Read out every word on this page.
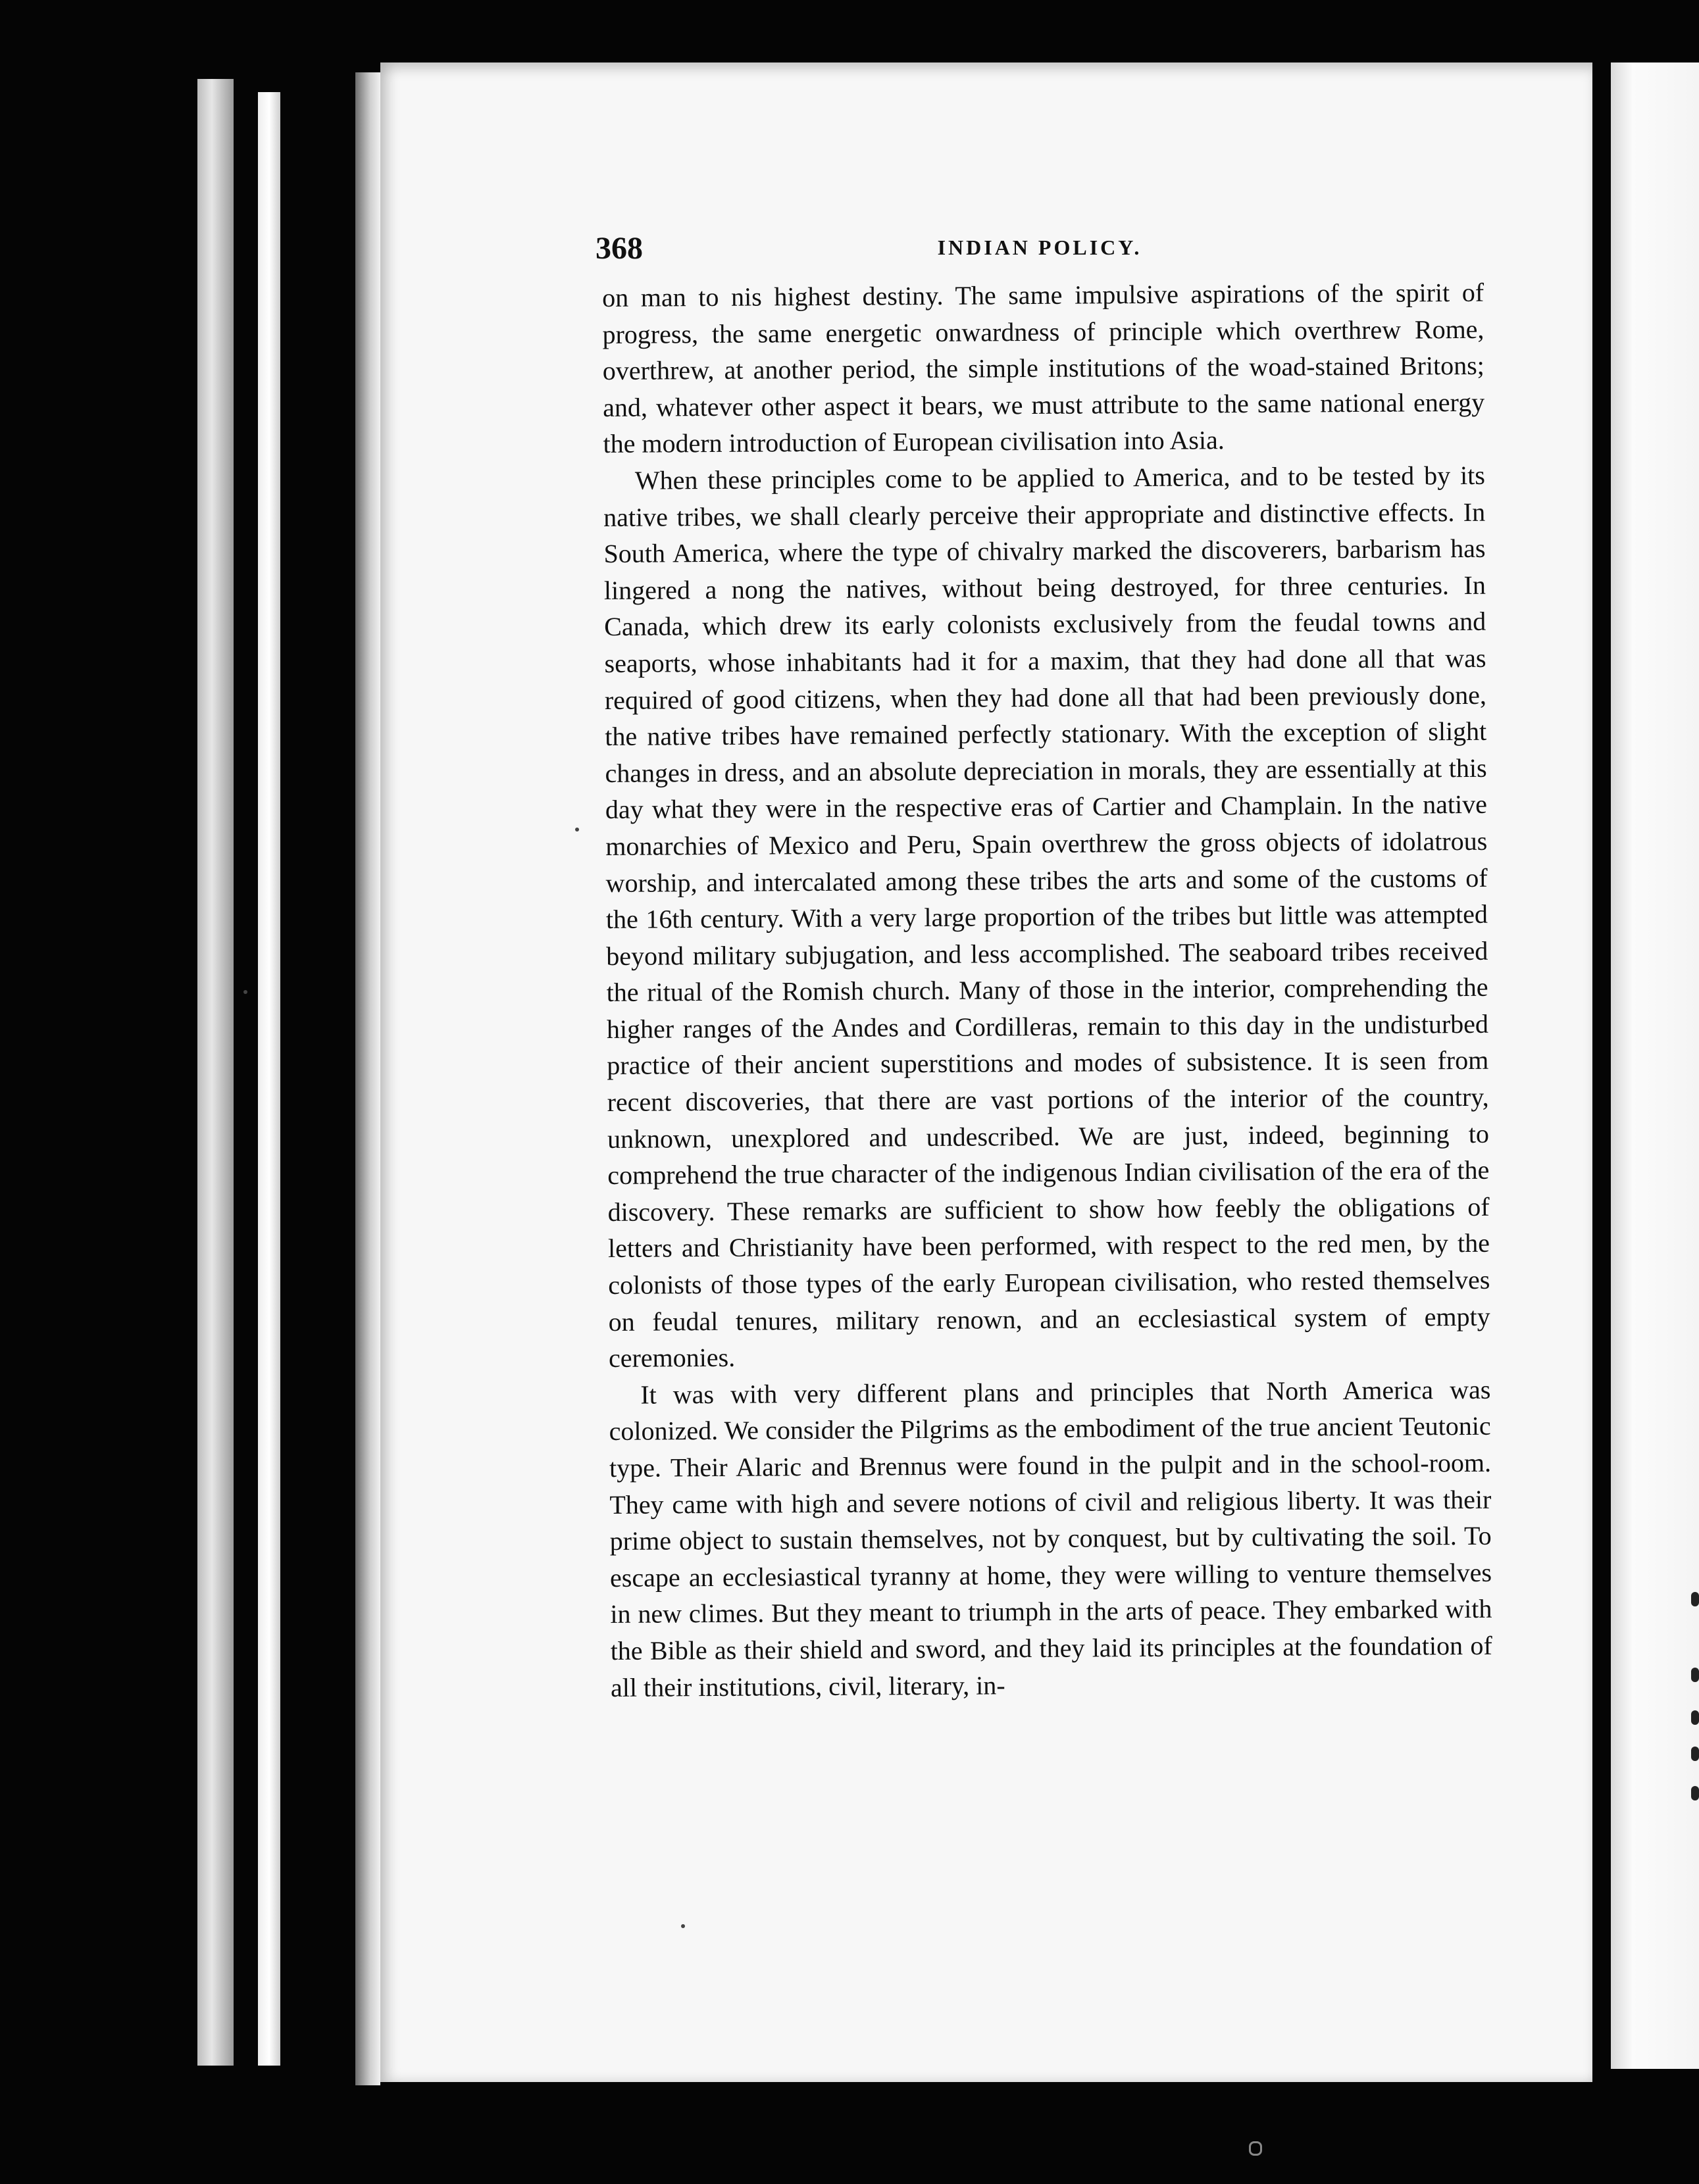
368	INDIAN POLICY.

on man to nis highest destiny. The same impulsive aspirations of the spirit of progress, the same energetic onwardness of principle which overthrew Rome, overthrew, at another period, the simple institutions of the woad-stained Britons; and, whatever other aspect it bears, we must attribute to the same national energy the modern introduction of European civilisation into Asia.

When these principles come to be applied to America, and to be tested by its native tribes, we shall clearly perceive their appropriate and distinctive effects. In South America, where the type of chivalry marked the discoverers, barbarism has lingered a nong the natives, without being destroyed, for three centuries. In Canada, which drew its early colonists exclusively from the feudal towns and seaports, whose inhabitants had it for a maxim, that they had done all that was required of good citizens, when they had done all that had been previously done, the native tribes have remained perfectly stationary. With the exception of slight changes in dress, and an absolute depreciation in morals, they are essentially at this day what they were in the respective eras of Cartier and Champlain. In the native monarchies of Mexico and Peru, Spain overthrew the gross objects of idolatrous worship, and intercalated among these tribes the arts and some of the customs of the 16th century. With a very large proportion of the tribes but little was attempted beyond military subjugation, and less accomplished. The seaboard tribes received the ritual of the Romish church. Many of those in the interior, comprehending the higher ranges of the Andes and Cordilleras, remain to this day in the undisturbed practice of their ancient superstitions and modes of subsistence. It is seen from recent discoveries, that there are vast portions of the interior of the country, unknown, unexplored and undescribed. We are just, indeed, beginning to comprehend the true character of the indigenous Indian civilisation of the era of the discovery. These remarks are sufficient to show how feebly the obligations of letters and Christianity have been performed, with respect to the red men, by the colonists of those types of the early European civilisation, who rested themselves on feudal tenures, military renown, and an ecclesiastical system of empty ceremonies.

It was with very different plans and principles that North America was colonized. We consider the Pilgrims as the embodiment of the true ancient Teutonic type. Their Alaric and Brennus were found in the pulpit and in the school-room. They came with high and severe notions of civil and religious liberty. It was their prime object to sustain themselves, not by conquest, but by cultivating the soil. To escape an ecclesiastical tyranny at home, they were willing to venture themselves in new climes. But they meant to triumph in the arts of peace. They embarked with the Bible as their shield and sword, and they laid its principles at the foundation of all their institutions, civil, literary, in-
